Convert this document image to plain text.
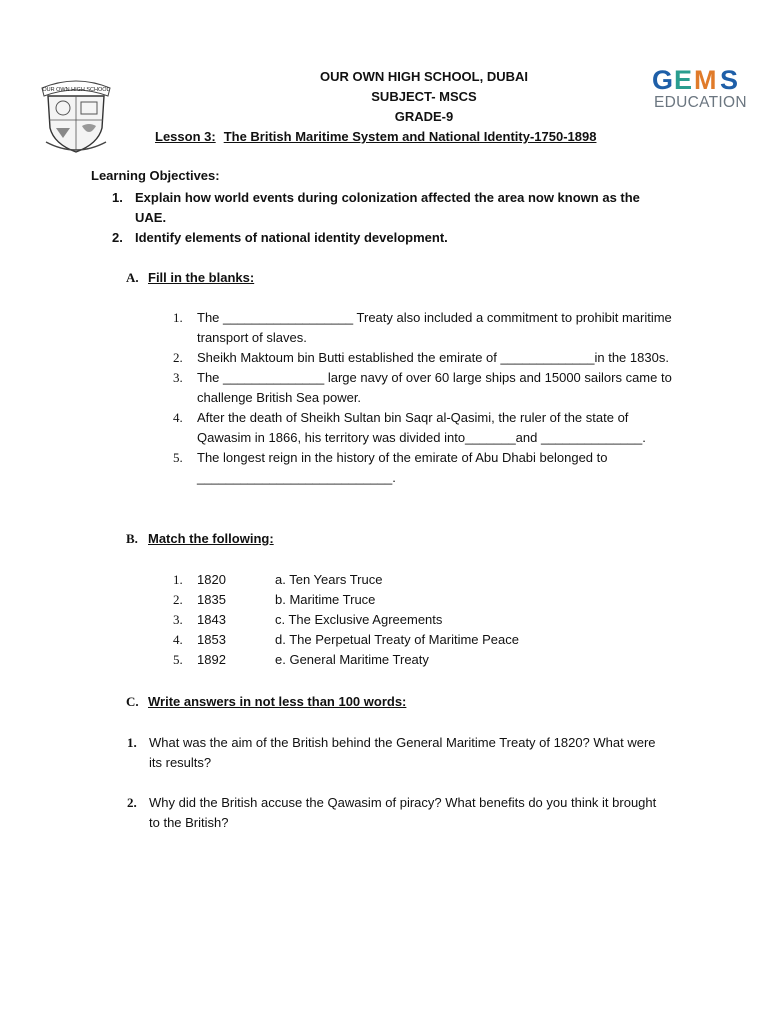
OUR OWN HIGH SCHOOL	G E M S
EDUCATION
OUR OWN HIGH SCHOOL, DUBAI
SUBJECT- MSCS
GRADE-9
Lesson 3: The British Maritime System and National Identity-1750-1898
Learning Objectives:
1. Explain how world events during colonization affected the area now known as the UAE.
2. Identify elements of national identity development.
A. Fill in the blanks:
1.	The __________________ Treaty also included a commitment to prohibit maritime transport of slaves.
2.	Sheikh Maktoum bin Butti established the emirate of _____________in the 1830s.
3.	The ______________ large navy of over 60 large ships and 15000 sailors came to challenge British Sea power.
4.	After the death of Sheikh Sultan bin Saqr al-Qasimi, the ruler of the state of Qawasim in 1866, his territory was divided into_______and ______________.
5.	The longest reign in the history of the emirate of Abu Dhabi belonged to ___________________________.
B. Match the following:
1.	1820	a. Ten Years Truce
2.	1835	b. Maritime Truce
3.	1843	c. The Exclusive Agreements
4.	1853	d. The Perpetual Treaty of Maritime Peace
5.	1892	e. General Maritime Treaty
C. Write answers in not less than 100 words:
1. What was the aim of the British behind the General Maritime Treaty of 1820? What were its results?
2. Why did the British accuse the Qawasim of piracy? What benefits do you think it brought to the British?
